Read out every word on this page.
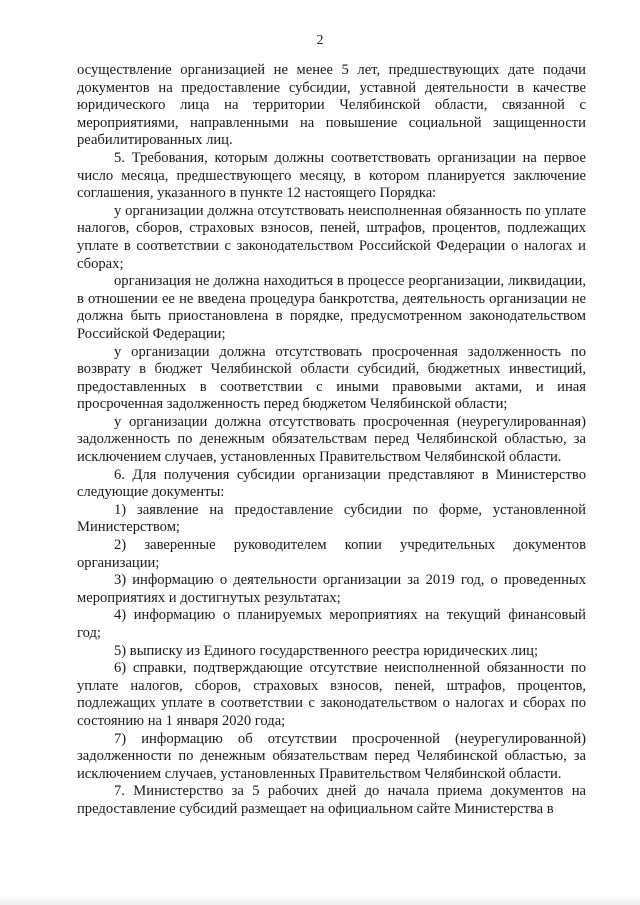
2

осуществление организацией не менее 5 лет, предшествующих дате подачи документов на предоставление субсидии, уставной деятельности в качестве юридического лица на территории Челябинской области, связанной с мероприятиями, направленными на повышение социальной защищенности реабилитированных лиц.

5. Требования, которым должны соответствовать организации на первое число месяца, предшествующего месяцу, в котором планируется заключение соглашения, указанного в пункте 12 настоящего Порядка:

у организации должна отсутствовать неисполненная обязанность по уплате налогов, сборов, страховых взносов, пеней, штрафов, процентов, подлежащих уплате в соответствии с законодательством Российской Федерации о налогах и сборах;

организация не должна находиться в процессе реорганизации, ликвидации, в отношении ее не введена процедура банкротства, деятельность организации не должна быть приостановлена в порядке, предусмотренном законодательством Российской Федерации;

у организации должна отсутствовать просроченная задолженность по возврату в бюджет Челябинской области субсидий, бюджетных инвестиций, предоставленных в соответствии с иными правовыми актами, и иная просроченная задолженность перед бюджетом Челябинской области;

у организации должна отсутствовать просроченная (неурегулированная) задолженность по денежным обязательствам перед Челябинской областью, за исключением случаев, установленных Правительством Челябинской области.

6. Для получения субсидии организации представляют в Министерство следующие документы:

1) заявление на предоставление субсидии по форме, установленной Министерством;

2) заверенные руководителем копии учредительных документов организации;

3) информацию о деятельности организации за 2019 год, о проведенных мероприятиях и достигнутых результатах;

4) информацию о планируемых мероприятиях на текущий финансовый год;

5) выписку из Единого государственного реестра юридических лиц;

6) справки, подтверждающие отсутствие неисполненной обязанности по уплате налогов, сборов, страховых взносов, пеней, штрафов, процентов, подлежащих уплате в соответствии с законодательством о налогах и сборах по состоянию на 1 января 2020 года;

7) информацию об отсутствии просроченной (неурегулированной) задолженности по денежным обязательствам перед Челябинской областью, за исключением случаев, установленных Правительством Челябинской области.

7. Министерство за 5 рабочих дней до начала приема документов на предоставление субсидий размещает на официальном сайте Министерства в
